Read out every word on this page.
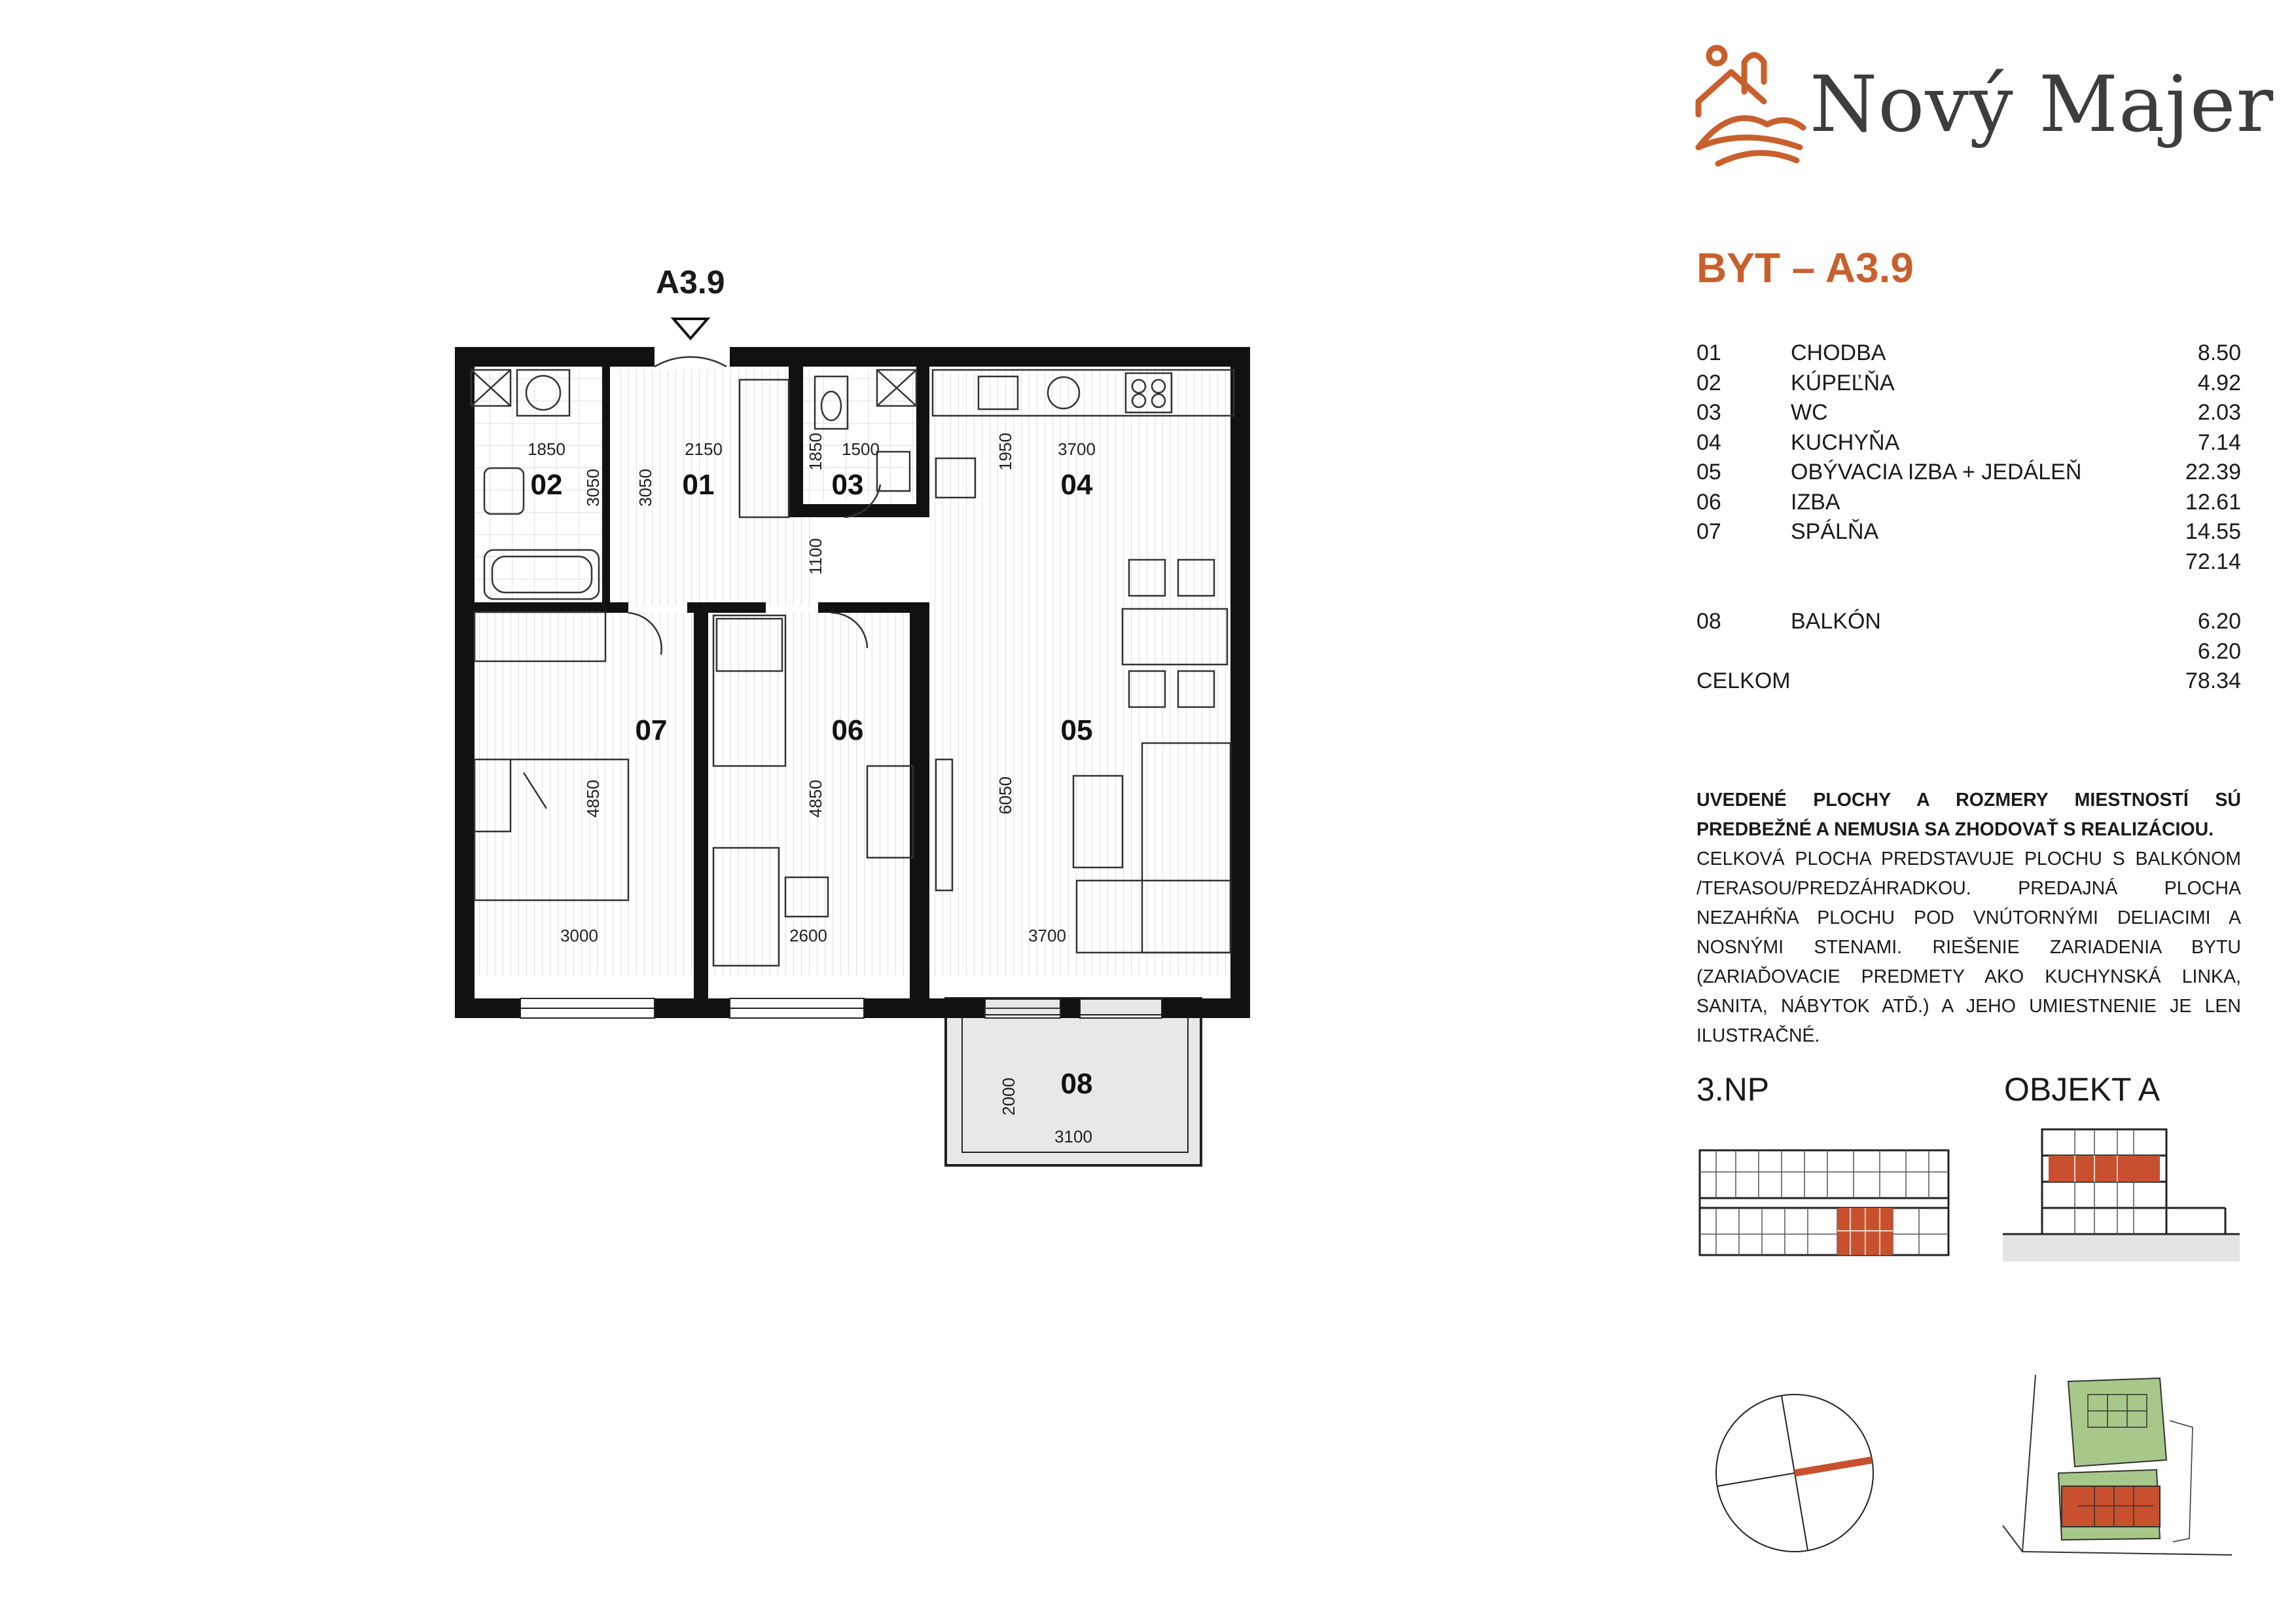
Nový Majer
BYT – A3.9
01	CHODBA	8.50
02	KÚPEĽŇA	4.92
03	WC	2.03
04	KUCHYŇA	7.14
05	OBÝVACIA IZBA + JEDÁLEŇ	22.39
06	IZBA	12.61
07	SPÁLŇA	14.55
72.14
08	BALKÓN	6.20
6.20
CELKOM	78.34
UVEDENÉ PLOCHY A ROZMERY MIESTNOSTÍ SÚ PREDBEŽNÉ A NEMUSIA SA ZHODOVAŤ S REALIZÁCIOU.
CELKOVÁ PLOCHA PREDSTAVUJE PLOCHU S BALKÓNOM /TERASOU/PREDZÁHRADKOU. PREDAJNÁ PLOCHA NEZAHŔŇA PLOCHU POD VNÚTORNÝMI DELIACIMI A NOSNÝMI STENAMI. RIEŠENIE ZARIADENIA BYTU (ZARIAĎOVACIE PREDMETY AKO KUCHYNSKÁ LINKA, SANITA, NÁBYTOK ATĎ.) A JEHO UMIESTNENIE JE LEN ILUSTRAČNÉ.
3.NP	OBJEKT A
A3.9
1850	2150	1850 1500	1950	3700
3050 3050
1100
4850	4850	6050
3000	2600	3700
2000
3100
01
02	03	04
05
06
07
08
